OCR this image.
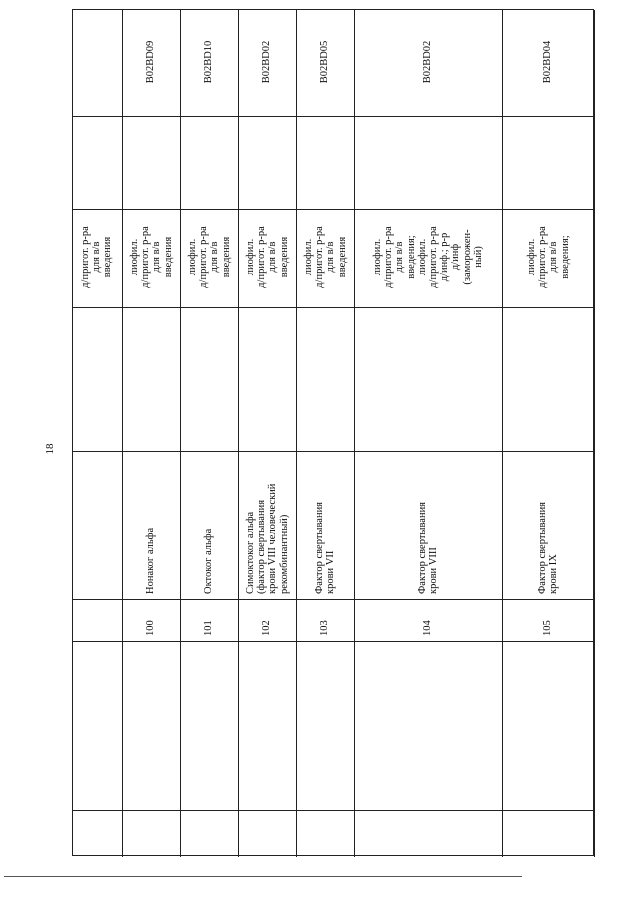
18
д/пригот. р-ра для в/в введения
B02BD09
лиофил. д/пригот. р-ра для в/в введения
Нонаког альфа
100
B02BD10
лиофил. д/пригот. р-ра для в/в введения
Октоког альфа
101
B02BD02
лиофил. д/пригот. р-ра для в/в введения
Симоктоког альфа (фактор свертывания крови VIII человеческий рекомбинантный)
102
B02BD05
лиофил. д/пригот. р-ра для в/в введения
Фактор свертывания крови VII
103
B02BD02
лиофил. д/пригот. р-ра для в/в введения; лиофил. д/пригот. р-ра д/инф.; р-р д/инф (заморожен- ный)
Фактор свертывания крови VIII
104
B02BD04
лиофил. д/пригот. р-ра для в/в введения;
Фактор свертывания крови IX
105
